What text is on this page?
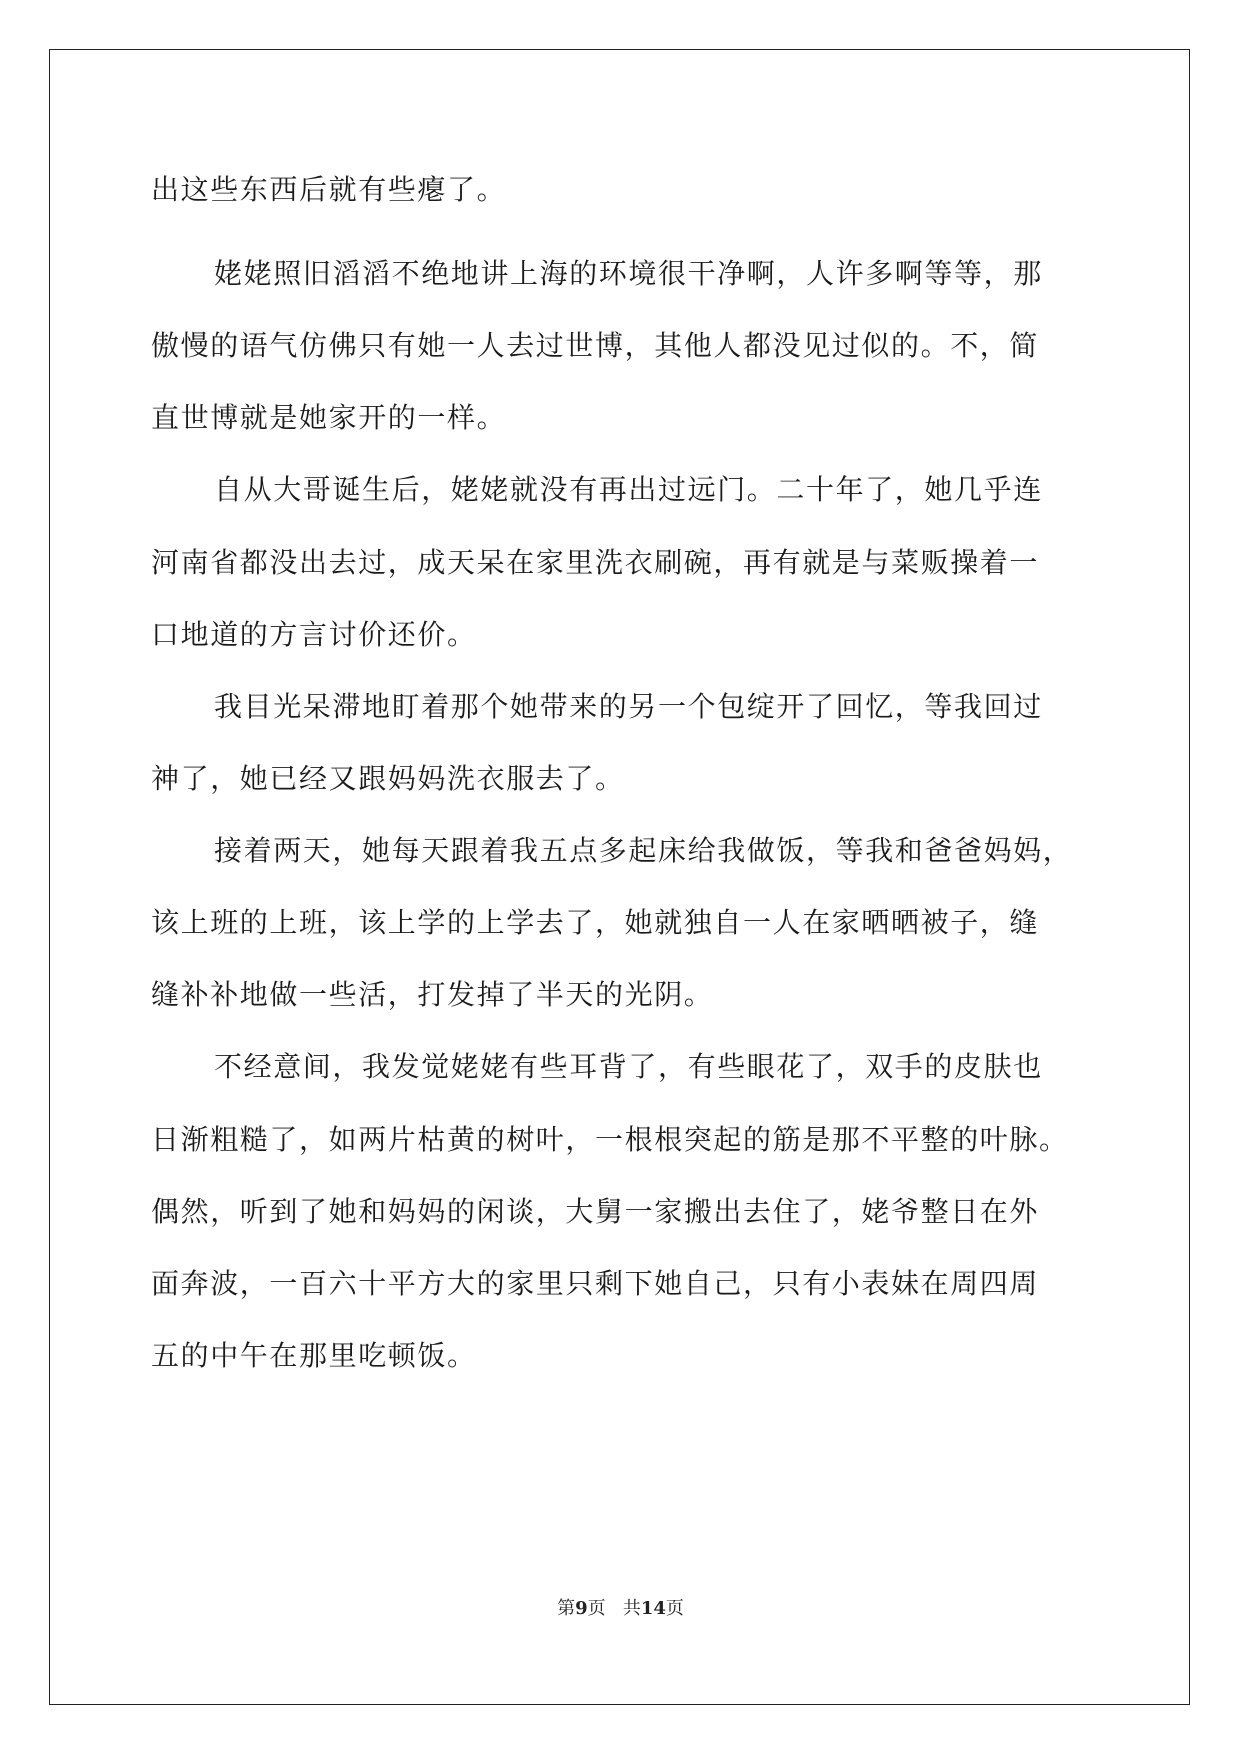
出这些东西后就有些瘪了。
姥姥照旧滔滔不绝地讲上海的环境很干净啊，人许多啊等等，那
傲慢的语气仿佛只有她一人去过世博，其他人都没见过似的。不，简
直世博就是她家开的一样。
自从大哥诞生后，姥姥就没有再出过远门。二十年了，她几乎连
河南省都没出去过，成天呆在家里洗衣刷碗，再有就是与菜贩操着一
口地道的方言讨价还价。
我目光呆滞地盯着那个她带来的另一个包绽开了回忆，等我回过
神了，她已经又跟妈妈洗衣服去了。
接着两天，她每天跟着我五点多起床给我做饭，等我和爸爸妈妈，
该上班的上班，该上学的上学去了，她就独自一人在家晒晒被子，缝
缝补补地做一些活，打发掉了半天的光阴。
不经意间，我发觉姥姥有些耳背了，有些眼花了，双手的皮肤也
日渐粗糙了，如两片枯黄的树叶，一根根突起的筋是那不平整的叶脉。
偶然，听到了她和妈妈的闲谈，大舅一家搬出去住了，姥爷整日在外
面奔波，一百六十平方大的家里只剩下她自己，只有小表妹在周四周
五的中午在那里吃顿饭。
第9页 共14页
